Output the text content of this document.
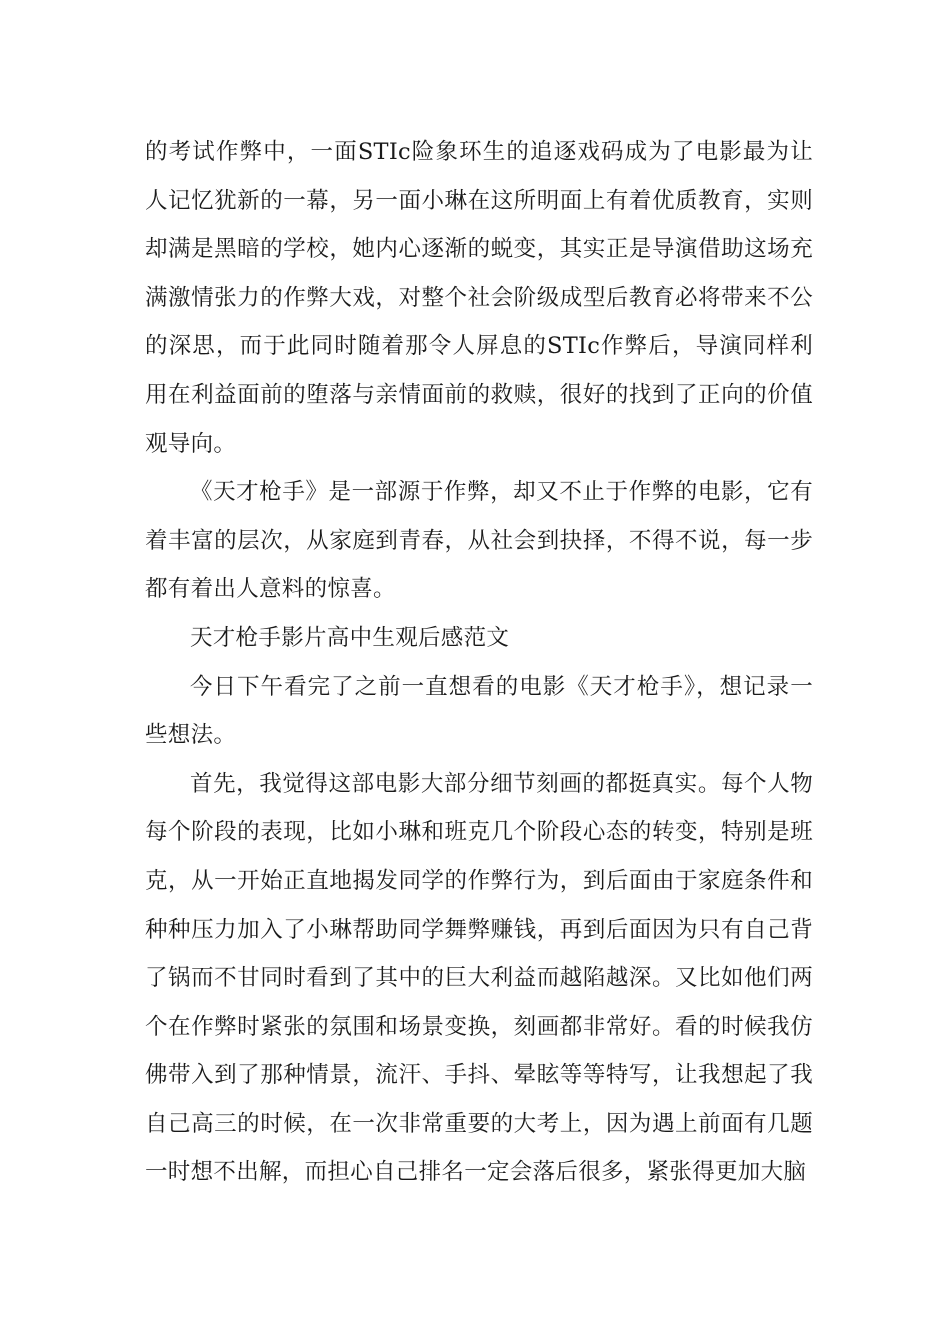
的考试作弊中，一面STIc险象环生的追逐戏码成为了电影最为让人记忆犹新的一幕，另一面小琳在这所明面上有着优质教育，实则却满是黑暗的学校，她内心逐渐的蜕变，其实正是导演借助这场充满激情张力的作弊大戏，对整个社会阶级成型后教育必将带来不公的深思，而于此同时随着那令人屏息的STIc作弊后，导演同样利用在利益面前的堕落与亲情面前的救赎，很好的找到了正向的价值观导向。

《天才枪手》是一部源于作弊，却又不止于作弊的电影，它有着丰富的层次，从家庭到青春，从社会到抉择，不得不说，每一步都有着出人意料的惊喜。

天才枪手影片高中生观后感范文

今日下午看完了之前一直想看的电影《天才枪手》，想记录一些想法。

首先，我觉得这部电影大部分细节刻画的都挺真实。每个人物每个阶段的表现，比如小琳和班克几个阶段心态的转变，特别是班克，从一开始正直地揭发同学的作弊行为，到后面由于家庭条件和种种压力加入了小琳帮助同学舞弊赚钱，再到后面因为只有自己背了锅而不甘同时看到了其中的巨大利益而越陷越深。又比如他们两个在作弊时紧张的氛围和场景变换，刻画都非常好。看的时候我仿佛带入到了那种情景，流汗、手抖、晕眩等等特写，让我想起了我自己高三的时候，在一次非常重要的大考上，因为遇上前面有几题一时想不出解，而担心自己排名一定会落后很多，紧张得更加大脑
